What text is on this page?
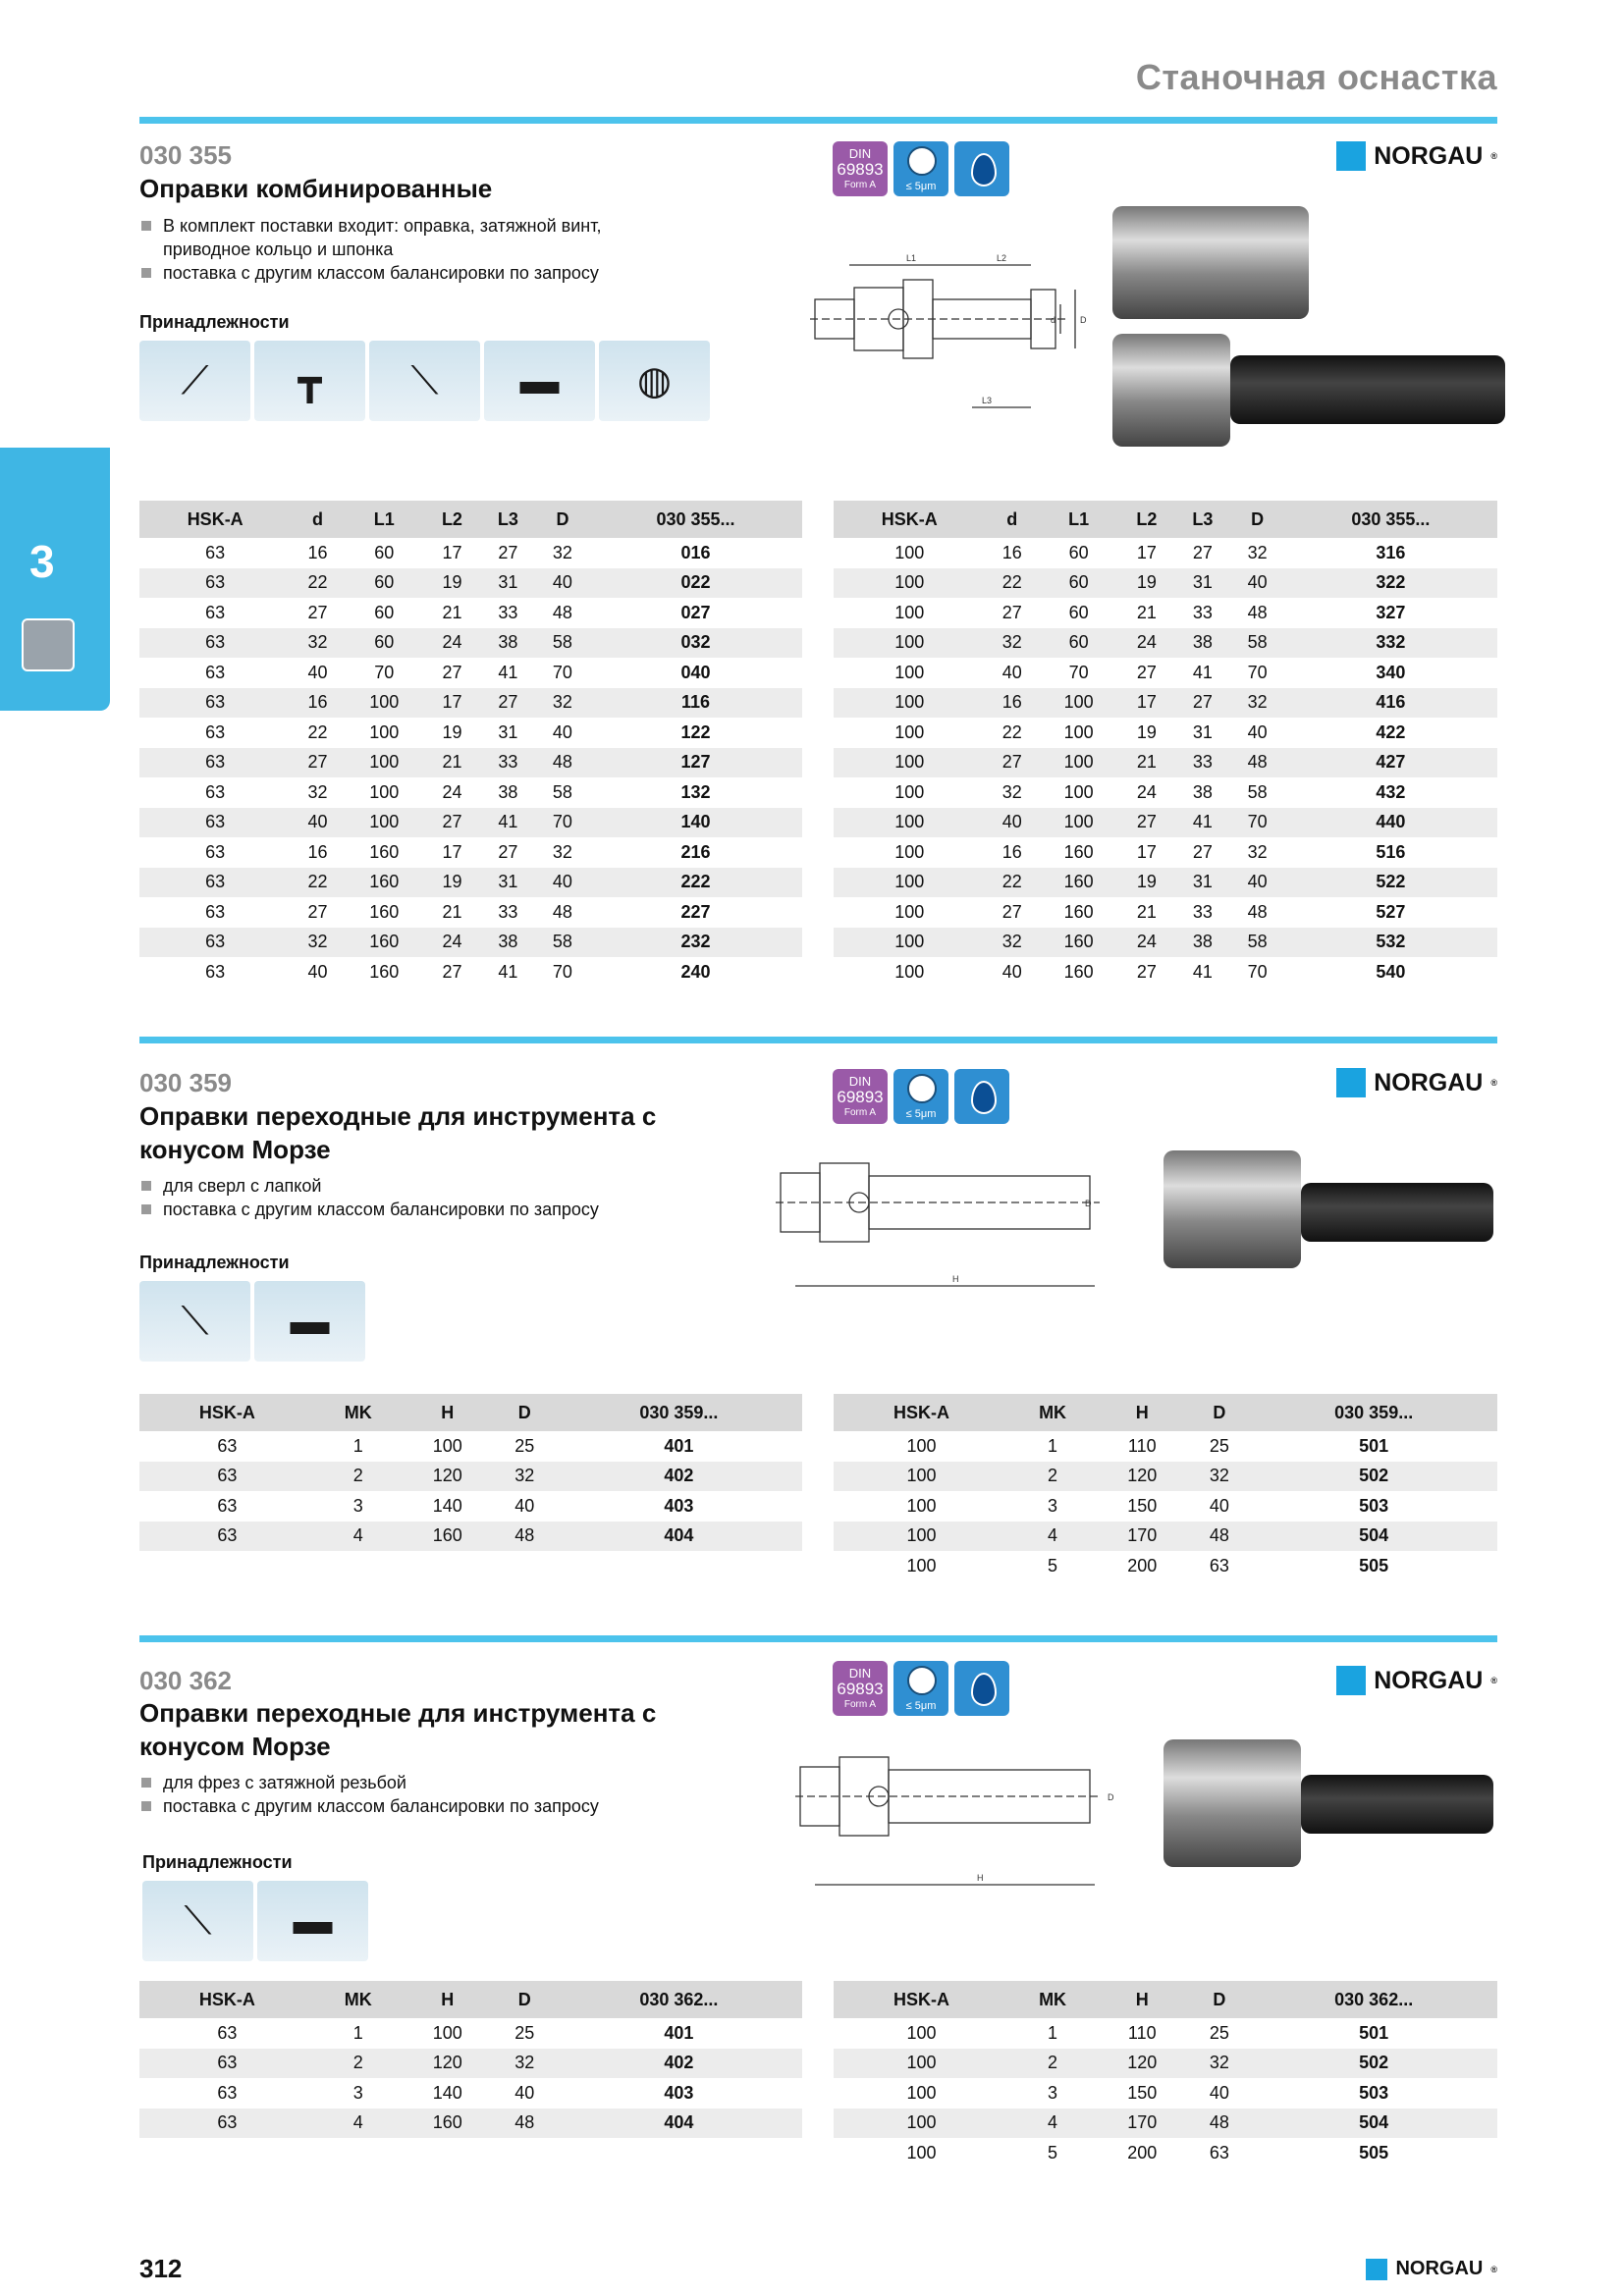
Станочная оснастка
3
030 355
Оправки комбинированные
В комплект поставки входит: оправка, затяжной винт, приводное кольцо и шпонка
поставка с другим классом балансировки по запросу
Принадлежности
⟋	┳	⟍	▬	◍
DIN
69893
Form A	≤ 5μm
NORGAU ®
L1	L2
L3
d	D
HSK-A	d	L1	L2	L3	D	030 355...
63	16	60	17	27	32	016
63	22	60	19	31	40	022
63	27	60	21	33	48	027
63	32	60	24	38	58	032
63	40	70	27	41	70	040
63	16	100	17	27	32	116
63	22	100	19	31	40	122
63	27	100	21	33	48	127
63	32	100	24	38	58	132
63	40	100	27	41	70	140
63	16	160	17	27	32	216
63	22	160	19	31	40	222
63	27	160	21	33	48	227
63	32	160	24	38	58	232
63	40	160	27	41	70	240
HSK-A	d	L1	L2	L3	D	030 355...
100	16	60	17	27	32	316
100	22	60	19	31	40	322
100	27	60	21	33	48	327
100	32	60	24	38	58	332
100	40	70	27	41	70	340
100	16	100	17	27	32	416
100	22	100	19	31	40	422
100	27	100	21	33	48	427
100	32	100	24	38	58	432
100	40	100	27	41	70	440
100	16	160	17	27	32	516
100	22	160	19	31	40	522
100	27	160	21	33	48	527
100	32	160	24	38	58	532
100	40	160	27	41	70	540
030 359
Оправки переходные для инструмента с конусом Морзе
для сверл с лапкой
поставка с другим классом балансировки по запросу
Принадлежности
⟍	▬
DIN
69893
Form A	≤ 5μm
NORGAU ®
D
H
HSK-A	MK	H	D	030 359...
63	1	100	25	401
63	2	120	32	402
63	3	140	40	403
63	4	160	48	404
HSK-A	MK	H	D	030 359...
100	1	110	25	501
100	2	120	32	502
100	3	150	40	503
100	4	170	48	504
100	5	200	63	505
030 362
Оправки переходные для инструмента с конусом Морзе
для фрез с затяжной резьбой
поставка с другим классом балансировки по запросу
Принадлежности
⟍	▬
DIN
69893
Form A	≤ 5μm
NORGAU ®
D
H
HSK-A	MK	H	D	030 362...
63	1	100	25	401
63	2	120	32	402
63	3	140	40	403
63	4	160	48	404
HSK-A	MK	H	D	030 362...
100	1	110	25	501
100	2	120	32	502
100	3	150	40	503
100	4	170	48	504
100	5	200	63	505
312	NORGAU ®
